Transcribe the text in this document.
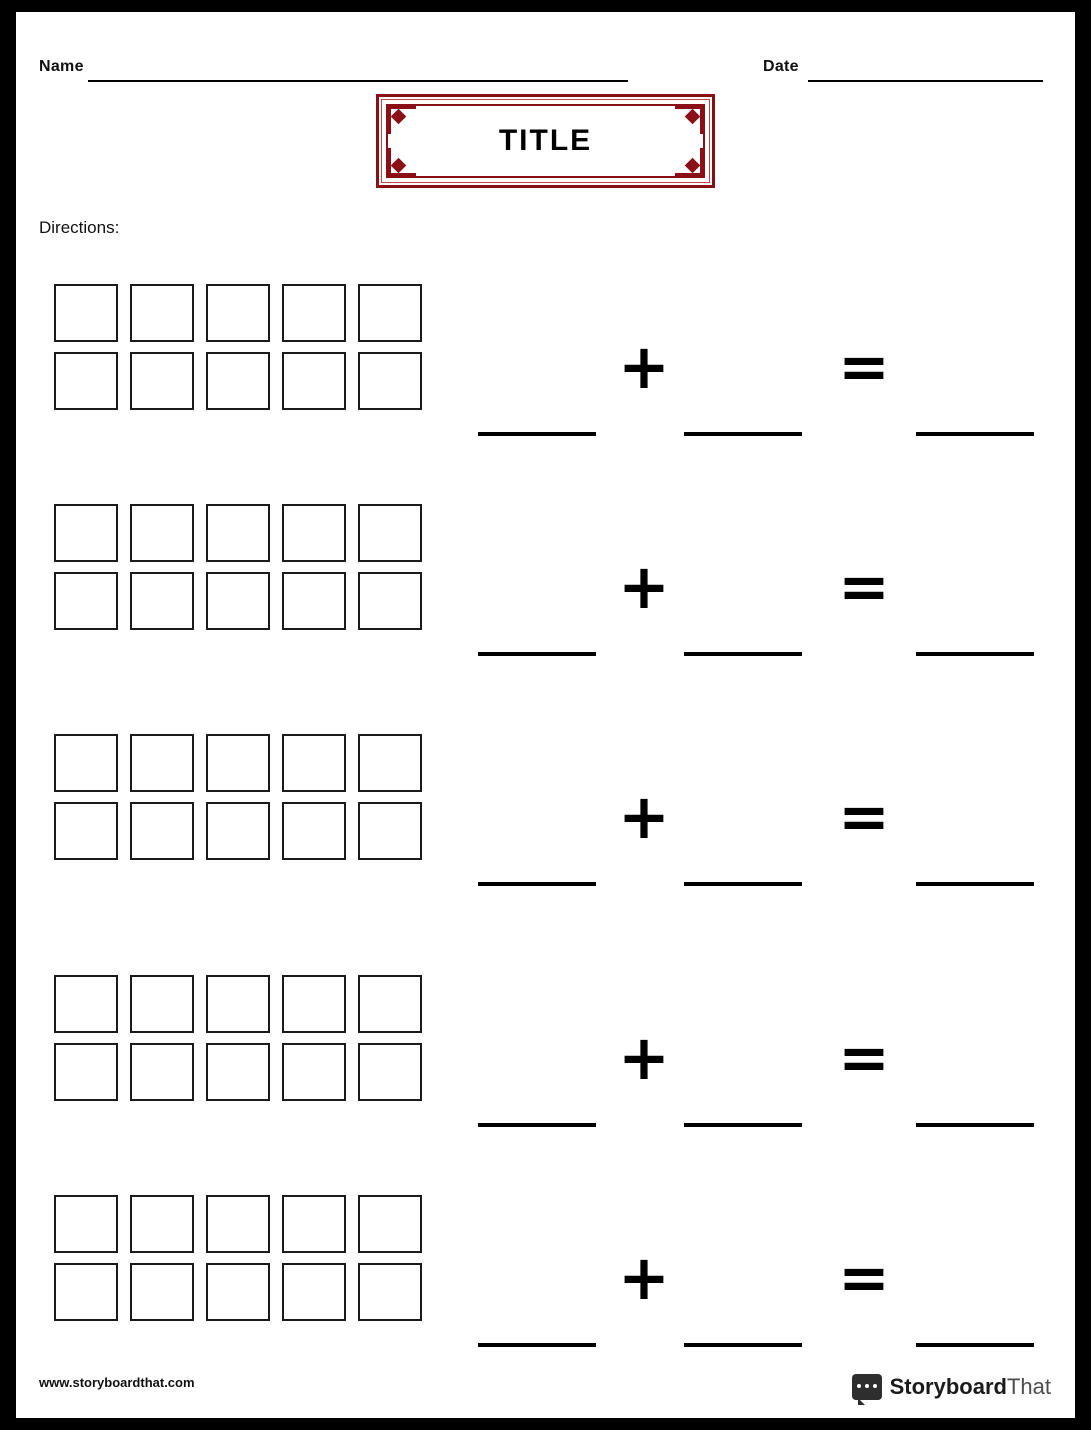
Name	Date
TITLE
Directions:
+	=
+	=
+	=
+	=
+	=
www.storyboardthat.com	StoryboardThat
